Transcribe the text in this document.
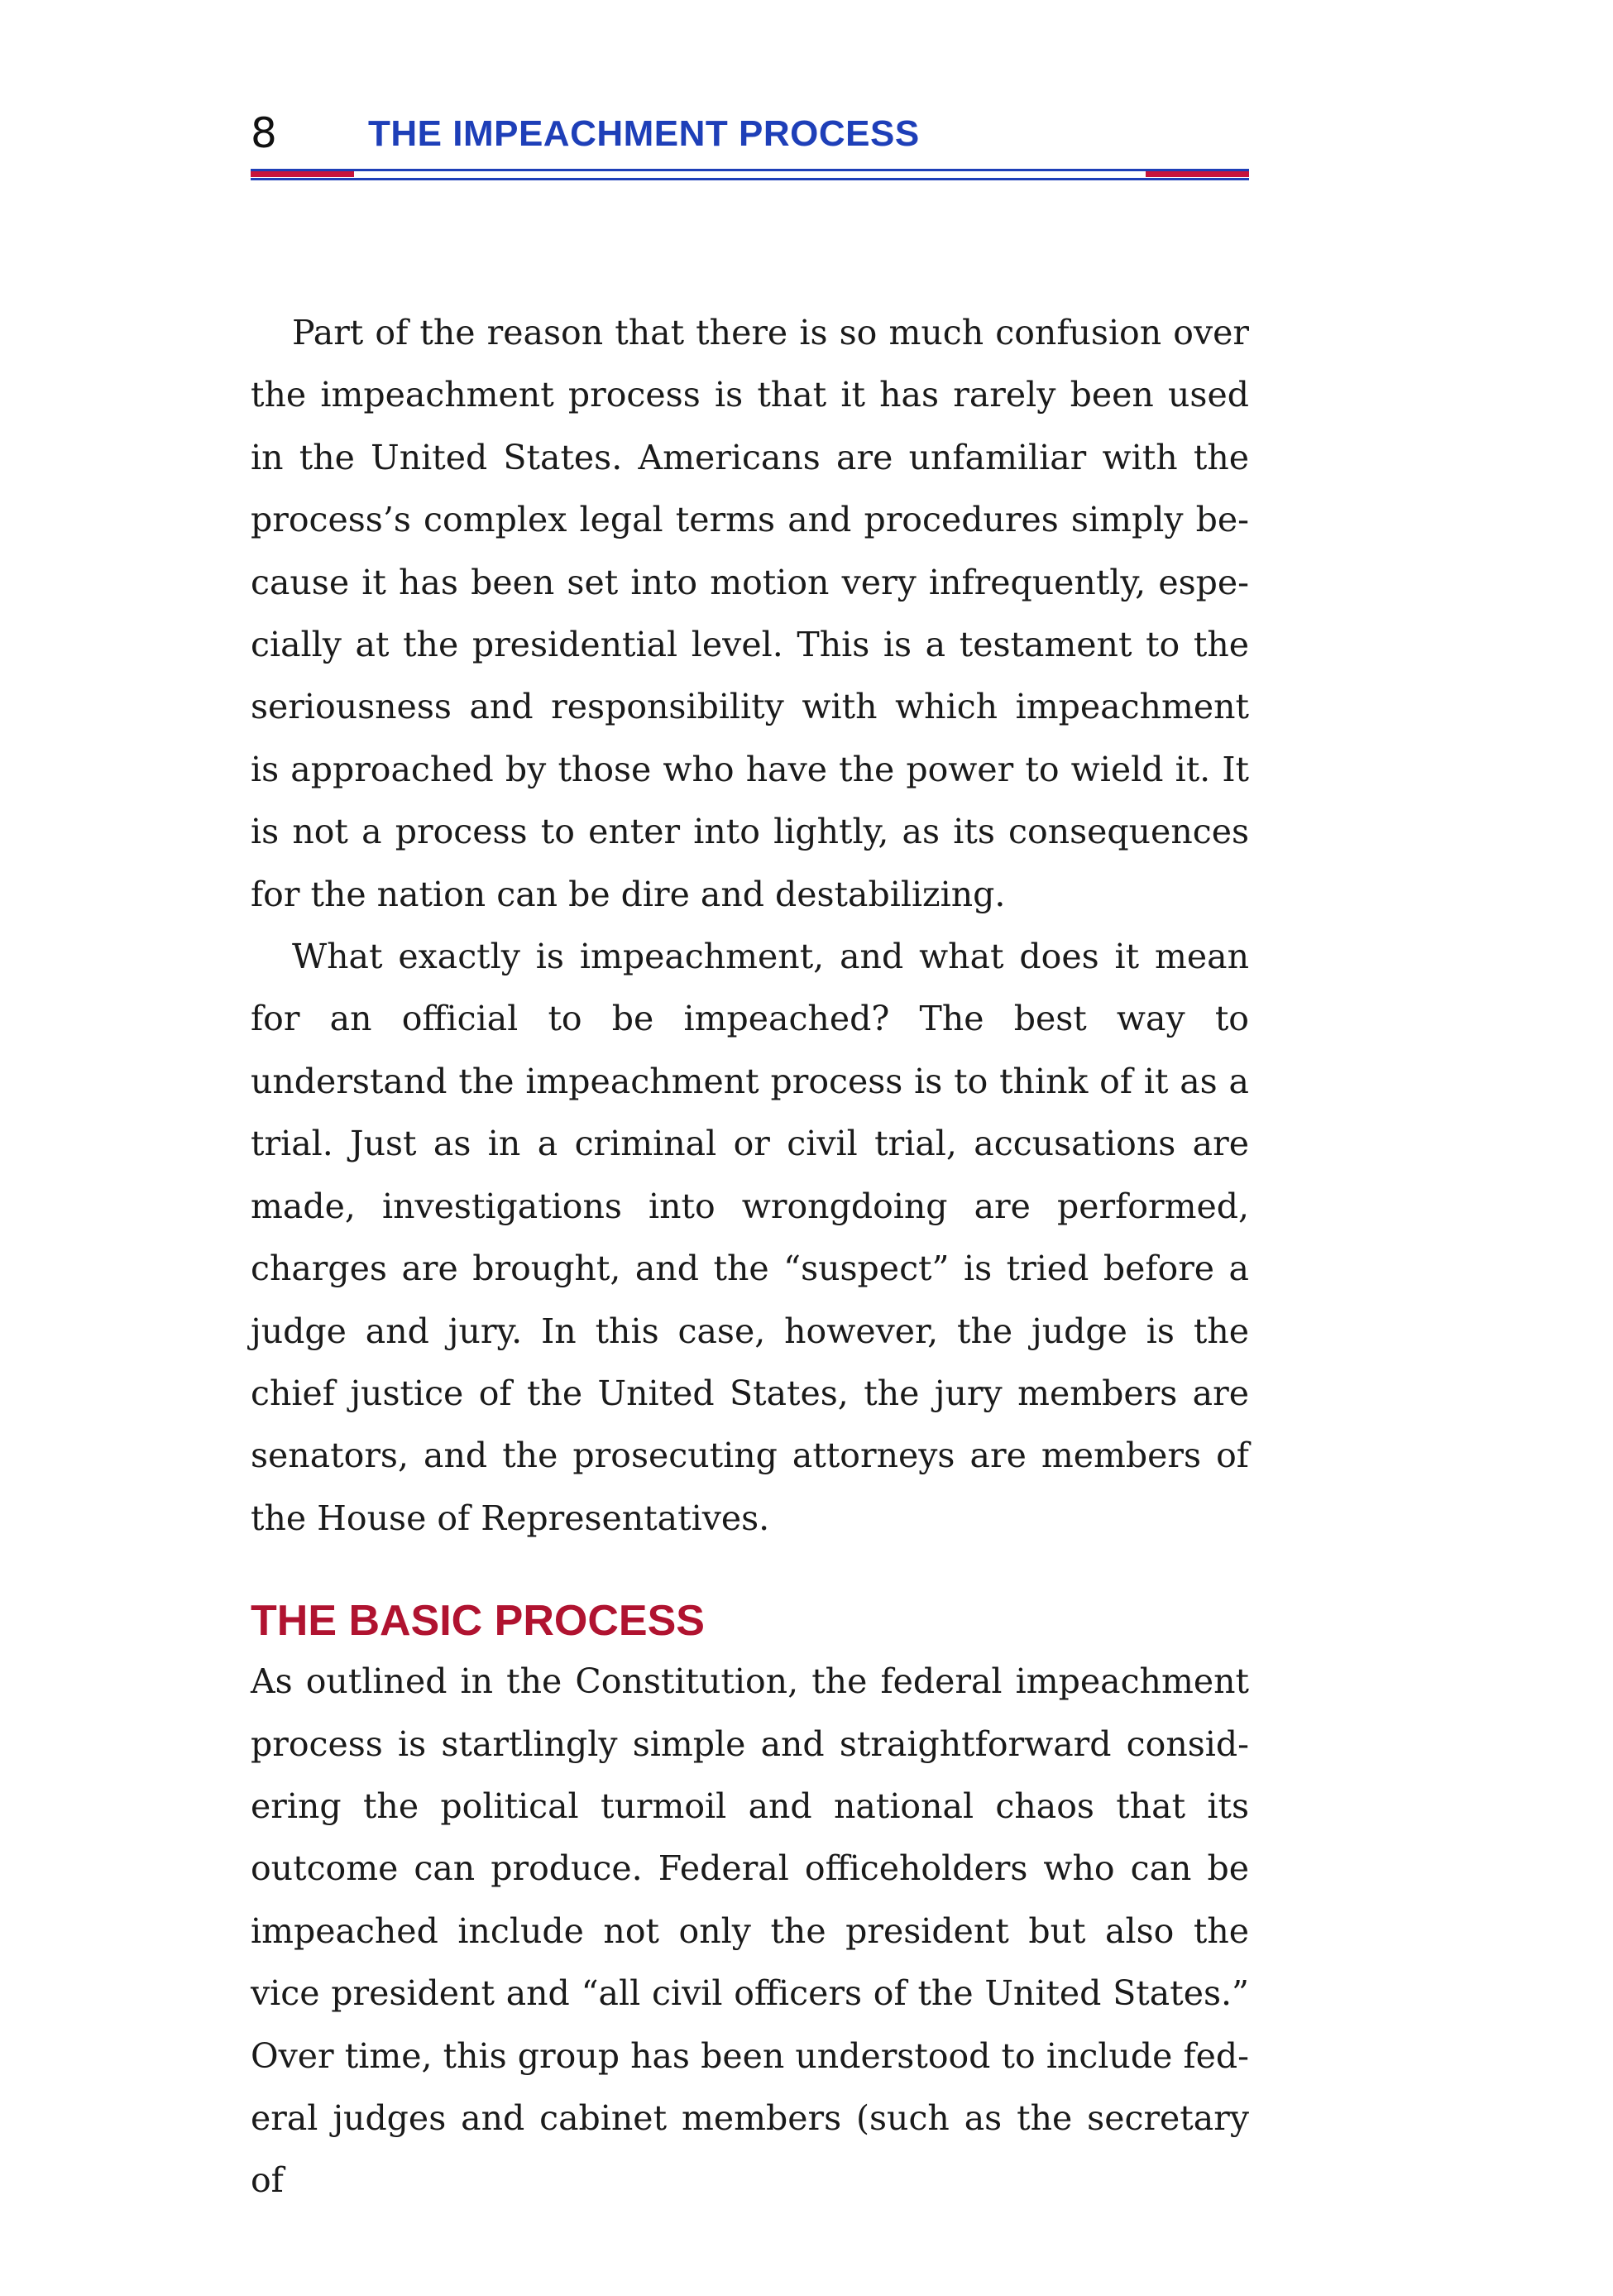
8	THE IMPEACHMENT PROCESS

Part of the reason that there is so much confusion over the impeachment process is that it has rarely been used in the United States. Americans are unfamiliar with the process’s complex legal terms and procedures simply because it has been set into motion very infrequently, especially at the presidential level. This is a testament to the seriousness and responsibility with which impeachment is approached by those who have the power to wield it. It is not a process to enter into lightly, as its consequences for the nation can be dire and destabilizing.

What exactly is impeachment, and what does it mean for an official to be impeached? The best way to understand the impeachment process is to think of it as a trial. Just as in a criminal or civil trial, accusations are made, investigations into wrongdoing are performed, charges are brought, and the “suspect” is tried before a judge and jury. In this case, however, the judge is the chief justice of the United States, the jury members are senators, and the prosecuting attorneys are members of the House of Representatives.

THE BASIC PROCESS

As outlined in the Constitution, the federal impeachment process is startlingly simple and straightforward considering the political turmoil and national chaos that its outcome can produce. Federal officeholders who can be impeached include not only the president but also the vice president and “all civil officers of the United States.” Over time, this group has been understood to include federal judges and cabinet members (such as the secretary of
